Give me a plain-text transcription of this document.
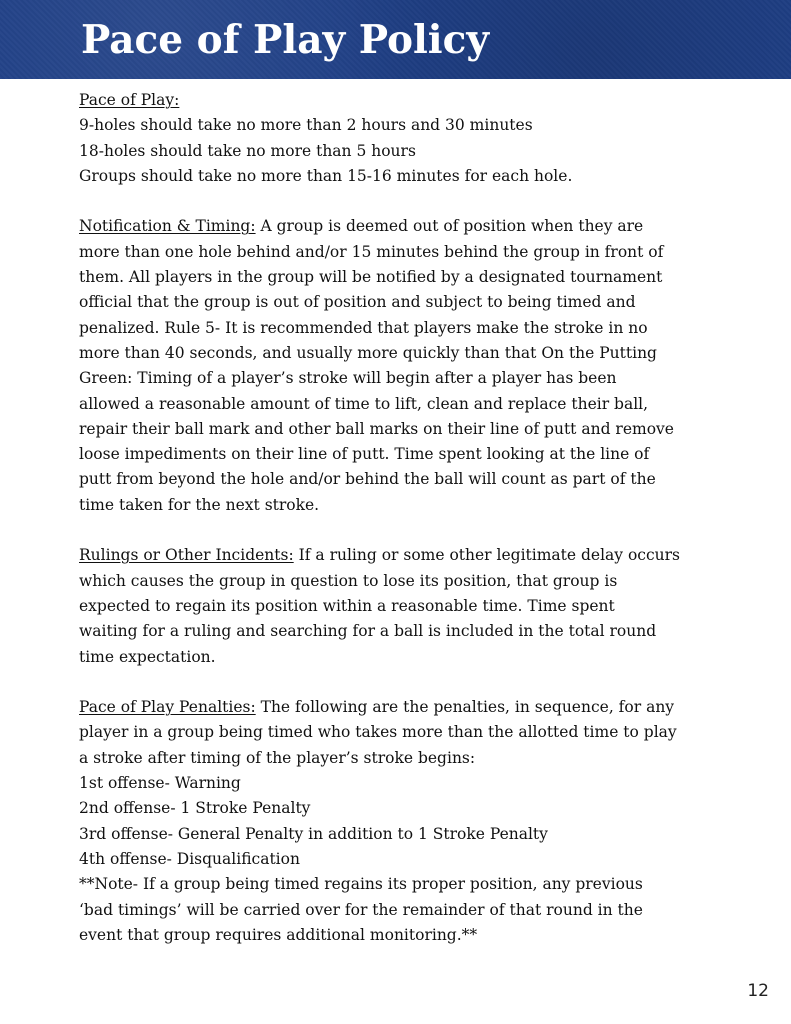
Pace of Play Policy
Pace of Play:
9-holes should take no more than 2 hours and 30 minutes
18-holes should take no more than 5 hours
Groups should take no more than 15-16 minutes for each hole.
Notification & Timing: A group is deemed out of position when they are
more than one hole behind and/or 15 minutes behind the group in front of
them. All players in the group will be notified by a designated tournament
official that the group is out of position and subject to being timed and
penalized. Rule 5- It is recommended that players make the stroke in no
more than 40 seconds, and usually more quickly than that On the Putting
Green: Timing of a player’s stroke will begin after a player has been
allowed a reasonable amount of time to lift, clean and replace their ball,
repair their ball mark and other ball marks on their line of putt and remove
loose impediments on their line of putt. Time spent looking at the line of
putt from beyond the hole and/or behind the ball will count as part of the
time taken for the next stroke.
Rulings or Other Incidents: If a ruling or some other legitimate delay occurs
which causes the group in question to lose its position, that group is
expected to regain its position within a reasonable time. Time spent
waiting for a ruling and searching for a ball is included in the total round
time expectation.
Pace of Play Penalties: The following are the penalties, in sequence, for any
player in a group being timed who takes more than the allotted time to play
a stroke after timing of the player’s stroke begins:
1st offense- Warning
2nd offense- 1 Stroke Penalty
3rd offense- General Penalty in addition to 1 Stroke Penalty
4th offense- Disqualification
**Note- If a group being timed regains its proper position, any previous
‘bad timings’ will be carried over for the remainder of that round in the
event that group requires additional monitoring.**
12
